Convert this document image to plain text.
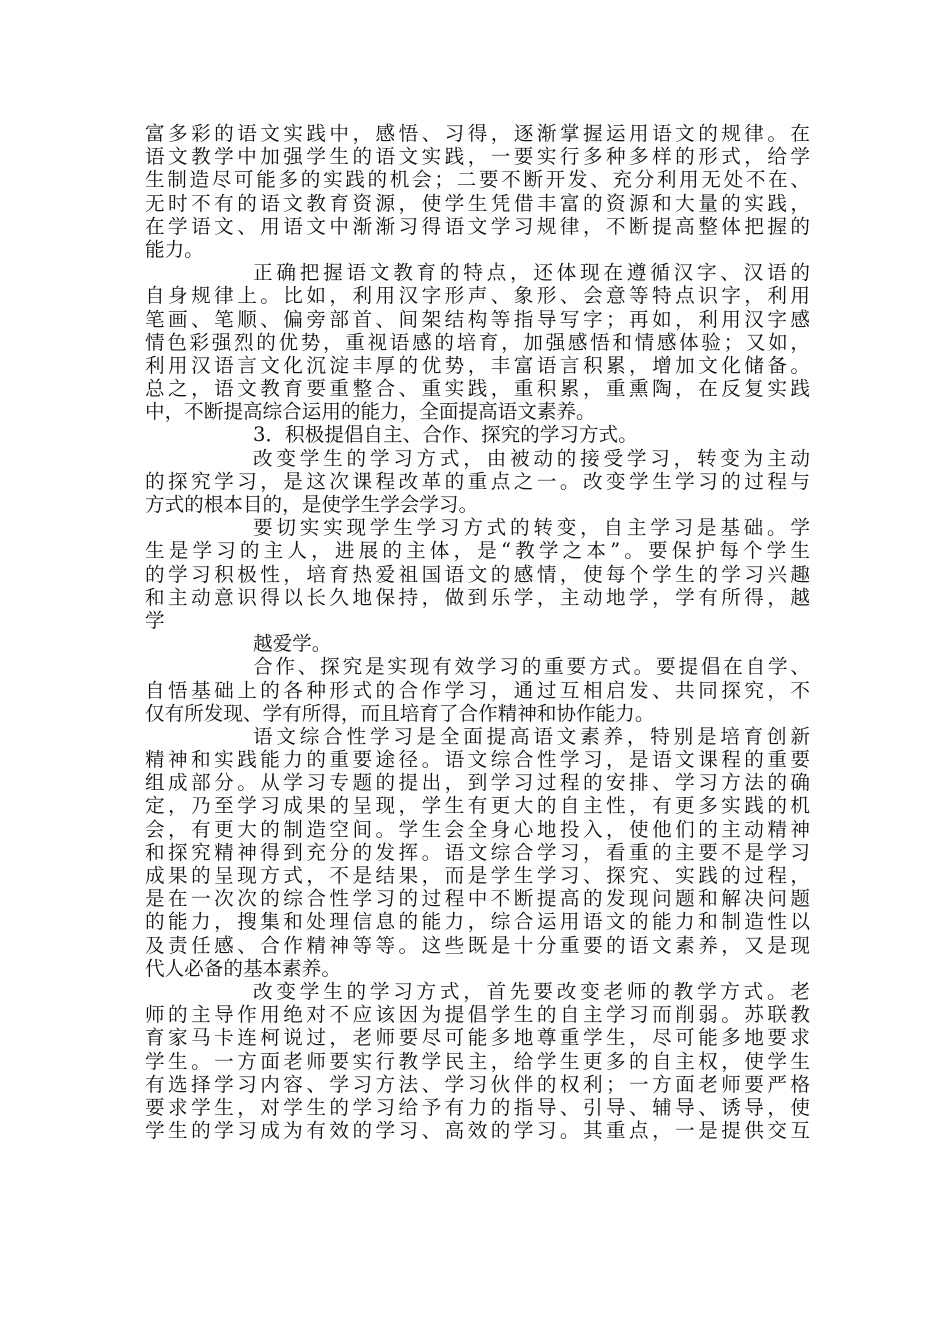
富多彩的语文实践中，感悟、习得，逐渐掌握运用语文的规律。在
语文教学中加强学生的语文实践，一要实行多种多样的形式，给学
生制造尽可能多的实践的机会；二要不断开发、充分利用无处不在、
无时不有的语文教育资源，使学生凭借丰富的资源和大量的实践，
在学语文、用语文中渐渐习得语文学习规律，不断提高整体把握的
能力。
正确把握语文教育的特点，还体现在遵循汉字、汉语的
自身规律上。比如，利用汉字形声、象形、会意等特点识字，利用
笔画、笔顺、偏旁部首、间架结构等指导写字；再如，利用汉字感
情色彩强烈的优势，重视语感的培育，加强感悟和情感体验；又如，
利用汉语言文化沉淀丰厚的优势，丰富语言积累，增加文化储备。
总之，语文教育要重整合、重实践，重积累，重熏陶，在反复实践
中，不断提高综合运用的能力，全面提高语文素养。
3．积极提倡自主、合作、探究的学习方式。
改变学生的学习方式，由被动的接受学习，转变为主动
的探究学习，是这次课程改革的重点之一。改变学生学习的过程与
方式的根本目的，是使学生学会学习。
要切实实现学生学习方式的转变，自主学习是基础。学
生是学习的主人，进展的主体，是“教学之本”。要保护每个学生
的学习积极性，培育热爱祖国语文的感情，使每个学生的学习兴趣
和主动意识得以长久地保持，做到乐学，主动地学，学有所得，越
学
越爱学。
合作、探究是实现有效学习的重要方式。要提倡在自学、
自悟基础上的各种形式的合作学习，通过互相启发、共同探究，不
仅有所发现、学有所得，而且培育了合作精神和协作能力。
语文综合性学习是全面提高语文素养，特别是培育创新
精神和实践能力的重要途径。语文综合性学习，是语文课程的重要
组成部分。从学习专题的提出，到学习过程的安排、学习方法的确
定，乃至学习成果的呈现，学生有更大的自主性，有更多实践的机
会，有更大的制造空间。学生会全身心地投入，使他们的主动精神
和探究精神得到充分的发挥。语文综合学习，看重的主要不是学习
成果的呈现方式，不是结果，而是学生学习、探究、实践的过程，
是在一次次的综合性学习的过程中不断提高的发现问题和解决问题
的能力，搜集和处理信息的能力，综合运用语文的能力和制造性以
及责任感、合作精神等等。这些既是十分重要的语文素养，又是现
代人必备的基本素养。
改变学生的学习方式，首先要改变老师的教学方式。老
师的主导作用绝对不应该因为提倡学生的自主学习而削弱。苏联教
育家马卡连柯说过，老师要尽可能多地尊重学生，尽可能多地要求
学生。一方面老师要实行教学民主，给学生更多的自主权，使学生
有选择学习内容、学习方法、学习伙伴的权利；一方面老师要严格
要求学生，对学生的学习给予有力的指导、引导、辅导、诱导，使
学生的学习成为有效的学习、高效的学习。其重点，一是提供交互
